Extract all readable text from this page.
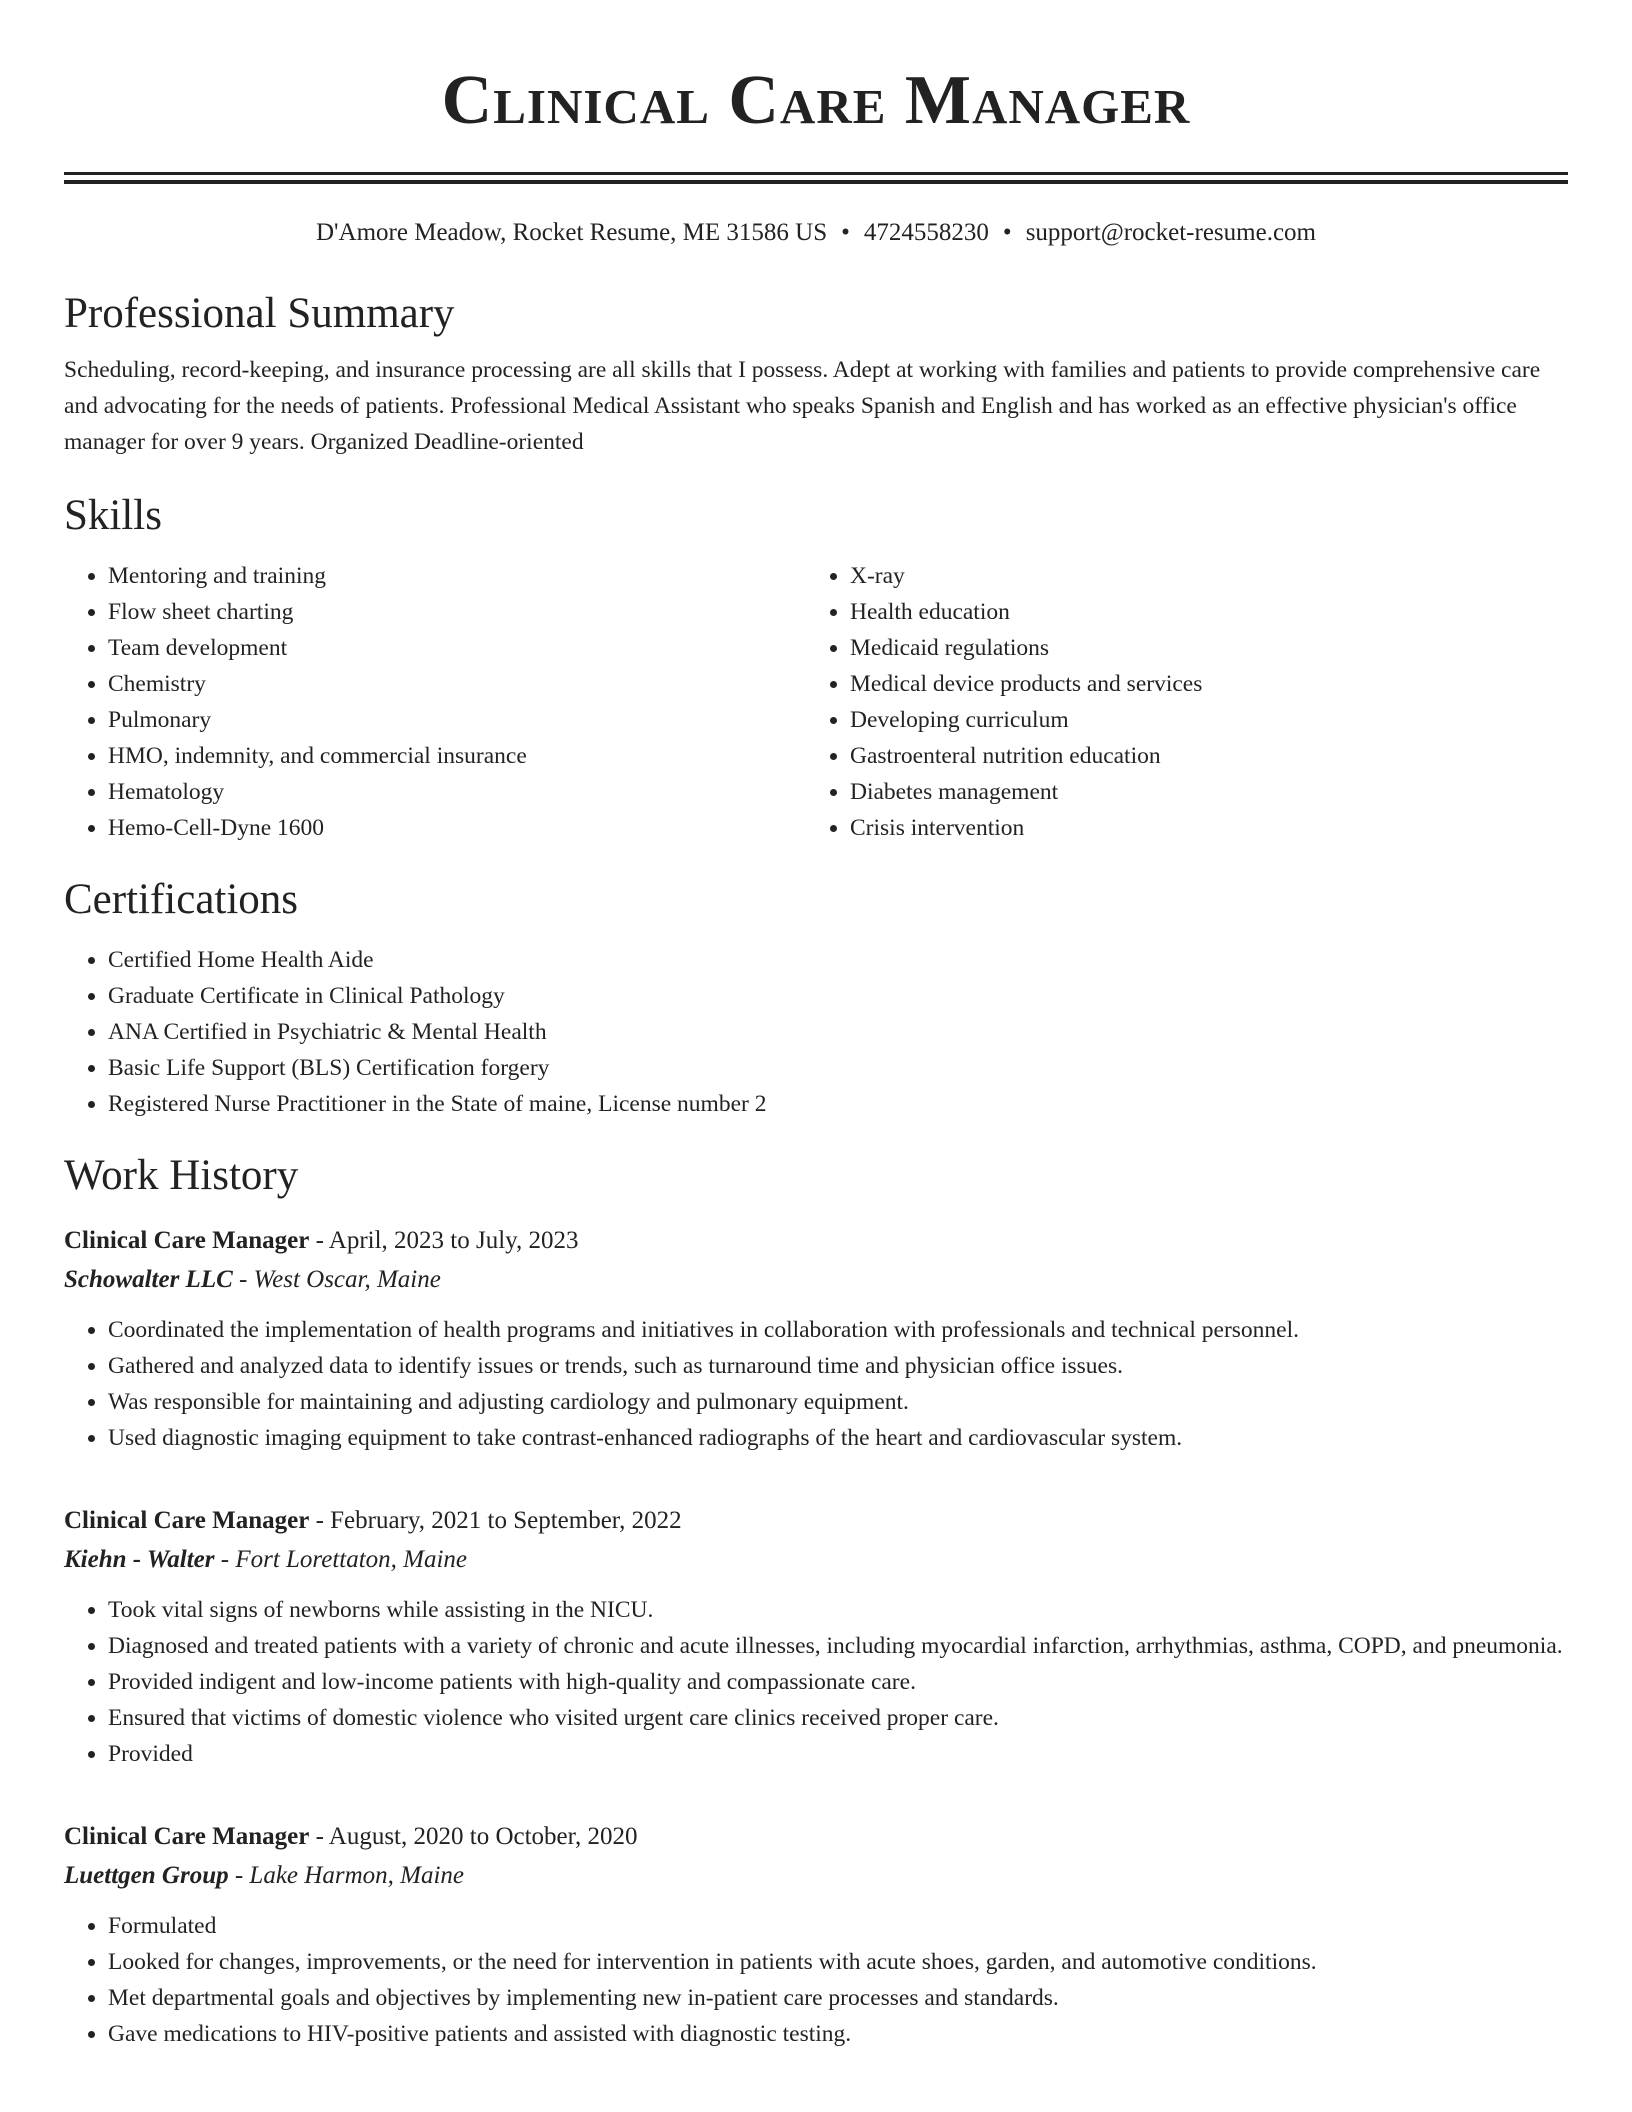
Clinical Care Manager
D'Amore Meadow, Rocket Resume, ME 31586 US • 4724558230 • support@rocket-resume.com
Professional Summary
Scheduling, record-keeping, and insurance processing are all skills that I possess. Adept at working with families and patients to provide comprehensive care and advocating for the needs of patients. Professional Medical Assistant who speaks Spanish and English and has worked as an effective physician's office manager for over 9 years. Organized Deadline-oriented
Skills
• Mentoring and training
• Flow sheet charting
• Team development
• Chemistry
• Pulmonary
• HMO, indemnity, and commercial insurance
• Hematology
• Hemo-Cell-Dyne 1600
• X-ray
• Health education
• Medicaid regulations
• Medical device products and services
• Developing curriculum
• Gastroenteral nutrition education
• Diabetes management
• Crisis intervention
Certifications
• Certified Home Health Aide
• Graduate Certificate in Clinical Pathology
• ANA Certified in Psychiatric & Mental Health
• Basic Life Support (BLS) Certification forgery
• Registered Nurse Practitioner in the State of maine, License number 2
Work History
Clinical Care Manager - April, 2023 to July, 2023
Schowalter LLC - West Oscar, Maine
• Coordinated the implementation of health programs and initiatives in collaboration with professionals and technical personnel.
• Gathered and analyzed data to identify issues or trends, such as turnaround time and physician office issues.
• Was responsible for maintaining and adjusting cardiology and pulmonary equipment.
• Used diagnostic imaging equipment to take contrast-enhanced radiographs of the heart and cardiovascular system.
Clinical Care Manager - February, 2021 to September, 2022
Kiehn - Walter - Fort Lorettaton, Maine
• Took vital signs of newborns while assisting in the NICU.
• Diagnosed and treated patients with a variety of chronic and acute illnesses, including myocardial infarction, arrhythmias, asthma, COPD, and pneumonia.
• Provided indigent and low-income patients with high-quality and compassionate care.
• Ensured that victims of domestic violence who visited urgent care clinics received proper care.
• Provided
Clinical Care Manager - August, 2020 to October, 2020
Luettgen Group - Lake Harmon, Maine
• Formulated
• Looked for changes, improvements, or the need for intervention in patients with acute shoes, garden, and automotive conditions.
• Met departmental goals and objectives by implementing new in-patient care processes and standards.
• Gave medications to HIV-positive patients and assisted with diagnostic testing.
